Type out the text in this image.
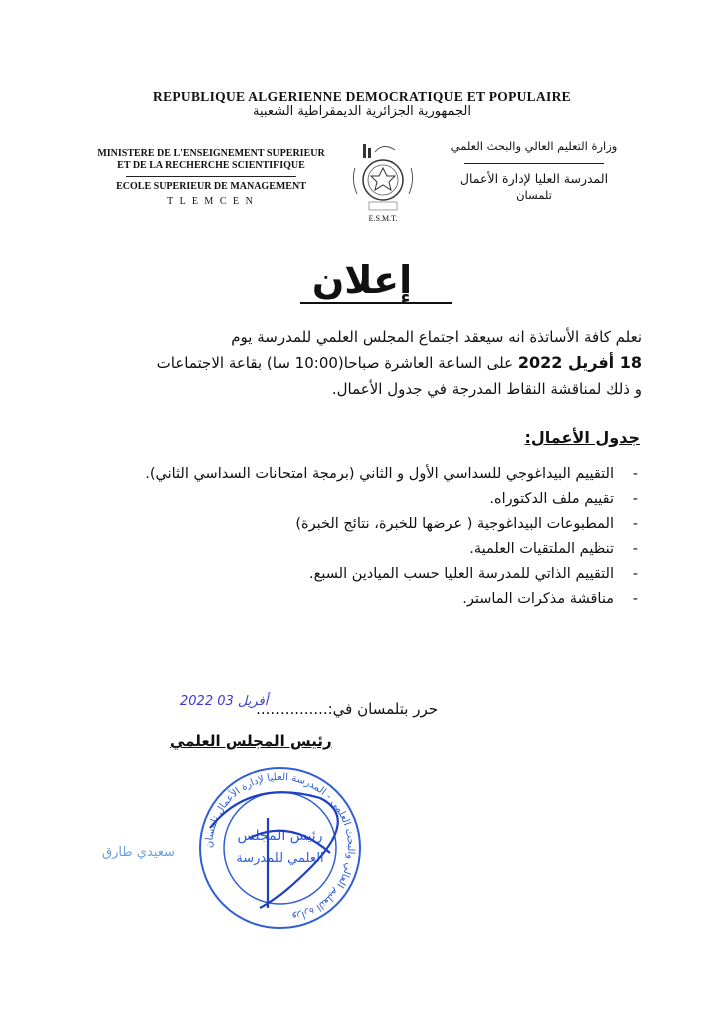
REPUBLIQUE ALGERIENNE DEMOCRATIQUE ET POPULAIRE
الجمهورية الجزائرية الديمقراطية الشعبية
MINISTERE DE L'ENSEIGNEMENT SUPERIEUR
ET DE LA RECHERCHE SCIENTIFIQUE
ECOLE SUPERIEUR DE MANAGEMENT
T L E M C E N
وزارة التعليم العالي والبحث العلمي
المدرسة العليا لإدارة الأعمال
تلمسان
E.S.M.T.
إعلان
نعلم كافة الأساتذة انه سيعقد اجتماع المجلس العلمي للمدرسة يوم
18 أفريل 2022 على الساعة العاشرة صباحا(10:00 سا) بقاعة الاجتماعات
و ذلك لمناقشة النقاط المدرجة في جدول الأعمال.
جدول الأعمال:
- التقييم البيداغوجي للسداسي الأول و الثاني (برمجة امتحانات السداسي الثاني).
- تقييم ملف الدكتوراه.
- المطبوعات البيداغوجية ( عرضها للخبرة، نتائج الخبرة)
- تنظيم الملتقيات العلمية.
- التقييم الذاتي للمدرسة العليا حسب الميادين السبع.
- مناقشة مذكرات الماستر.
حرر بتلمسان في:...............
2022 أفريل 03
رئيس المجلس العلمي
وزارة التعليم العالي والبحث العلمي - المدرسة العليا لإدارة الأعمال تلمسان
رئيس المجلس
العلمي للمدرسة
سعيدي طارق
